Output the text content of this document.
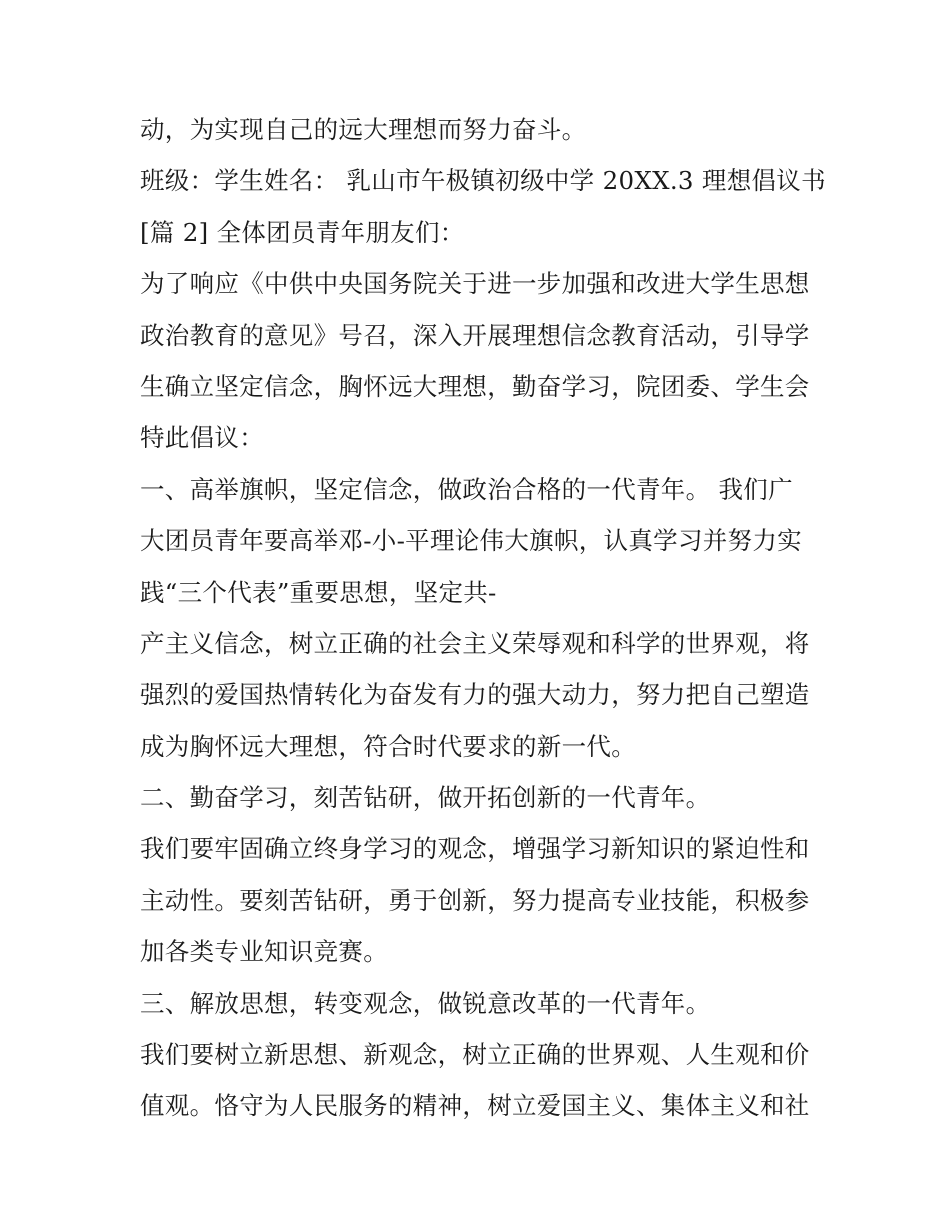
动，为实现自己的远大理想而努力奋斗。
班级：学生姓名： 乳山市午极镇初级中学 20XX.3 理想倡议书
[篇 2] 全体团员青年朋友们：
为了响应《中供中央国务院关于进一步加强和改进大学生思想
政治教育的意见》号召，深入开展理想信念教育活动，引导学
生确立坚定信念，胸怀远大理想，勤奋学习，院团委、学生会
特此倡议：
一、高举旗帜，坚定信念，做政治合格的一代青年。 我们广
大团员青年要高举邓-小-平理论伟大旗帜，认真学习并努力实
践“三个代表”重要思想，坚定共-
产主义信念，树立正确的社会主义荣辱观和科学的世界观，将
强烈的爱国热情转化为奋发有力的强大动力，努力把自己塑造
成为胸怀远大理想，符合时代要求的新一代。
二、勤奋学习，刻苦钻研，做开拓创新的一代青年。
我们要牢固确立终身学习的观念，增强学习新知识的紧迫性和
主动性。要刻苦钻研，勇于创新，努力提高专业技能，积极参
加各类专业知识竞赛。
三、解放思想，转变观念，做锐意改革的一代青年。
我们要树立新思想、新观念，树立正确的世界观、人生观和价
值观。恪守为人民服务的精神，树立爱国主义、集体主义和社
